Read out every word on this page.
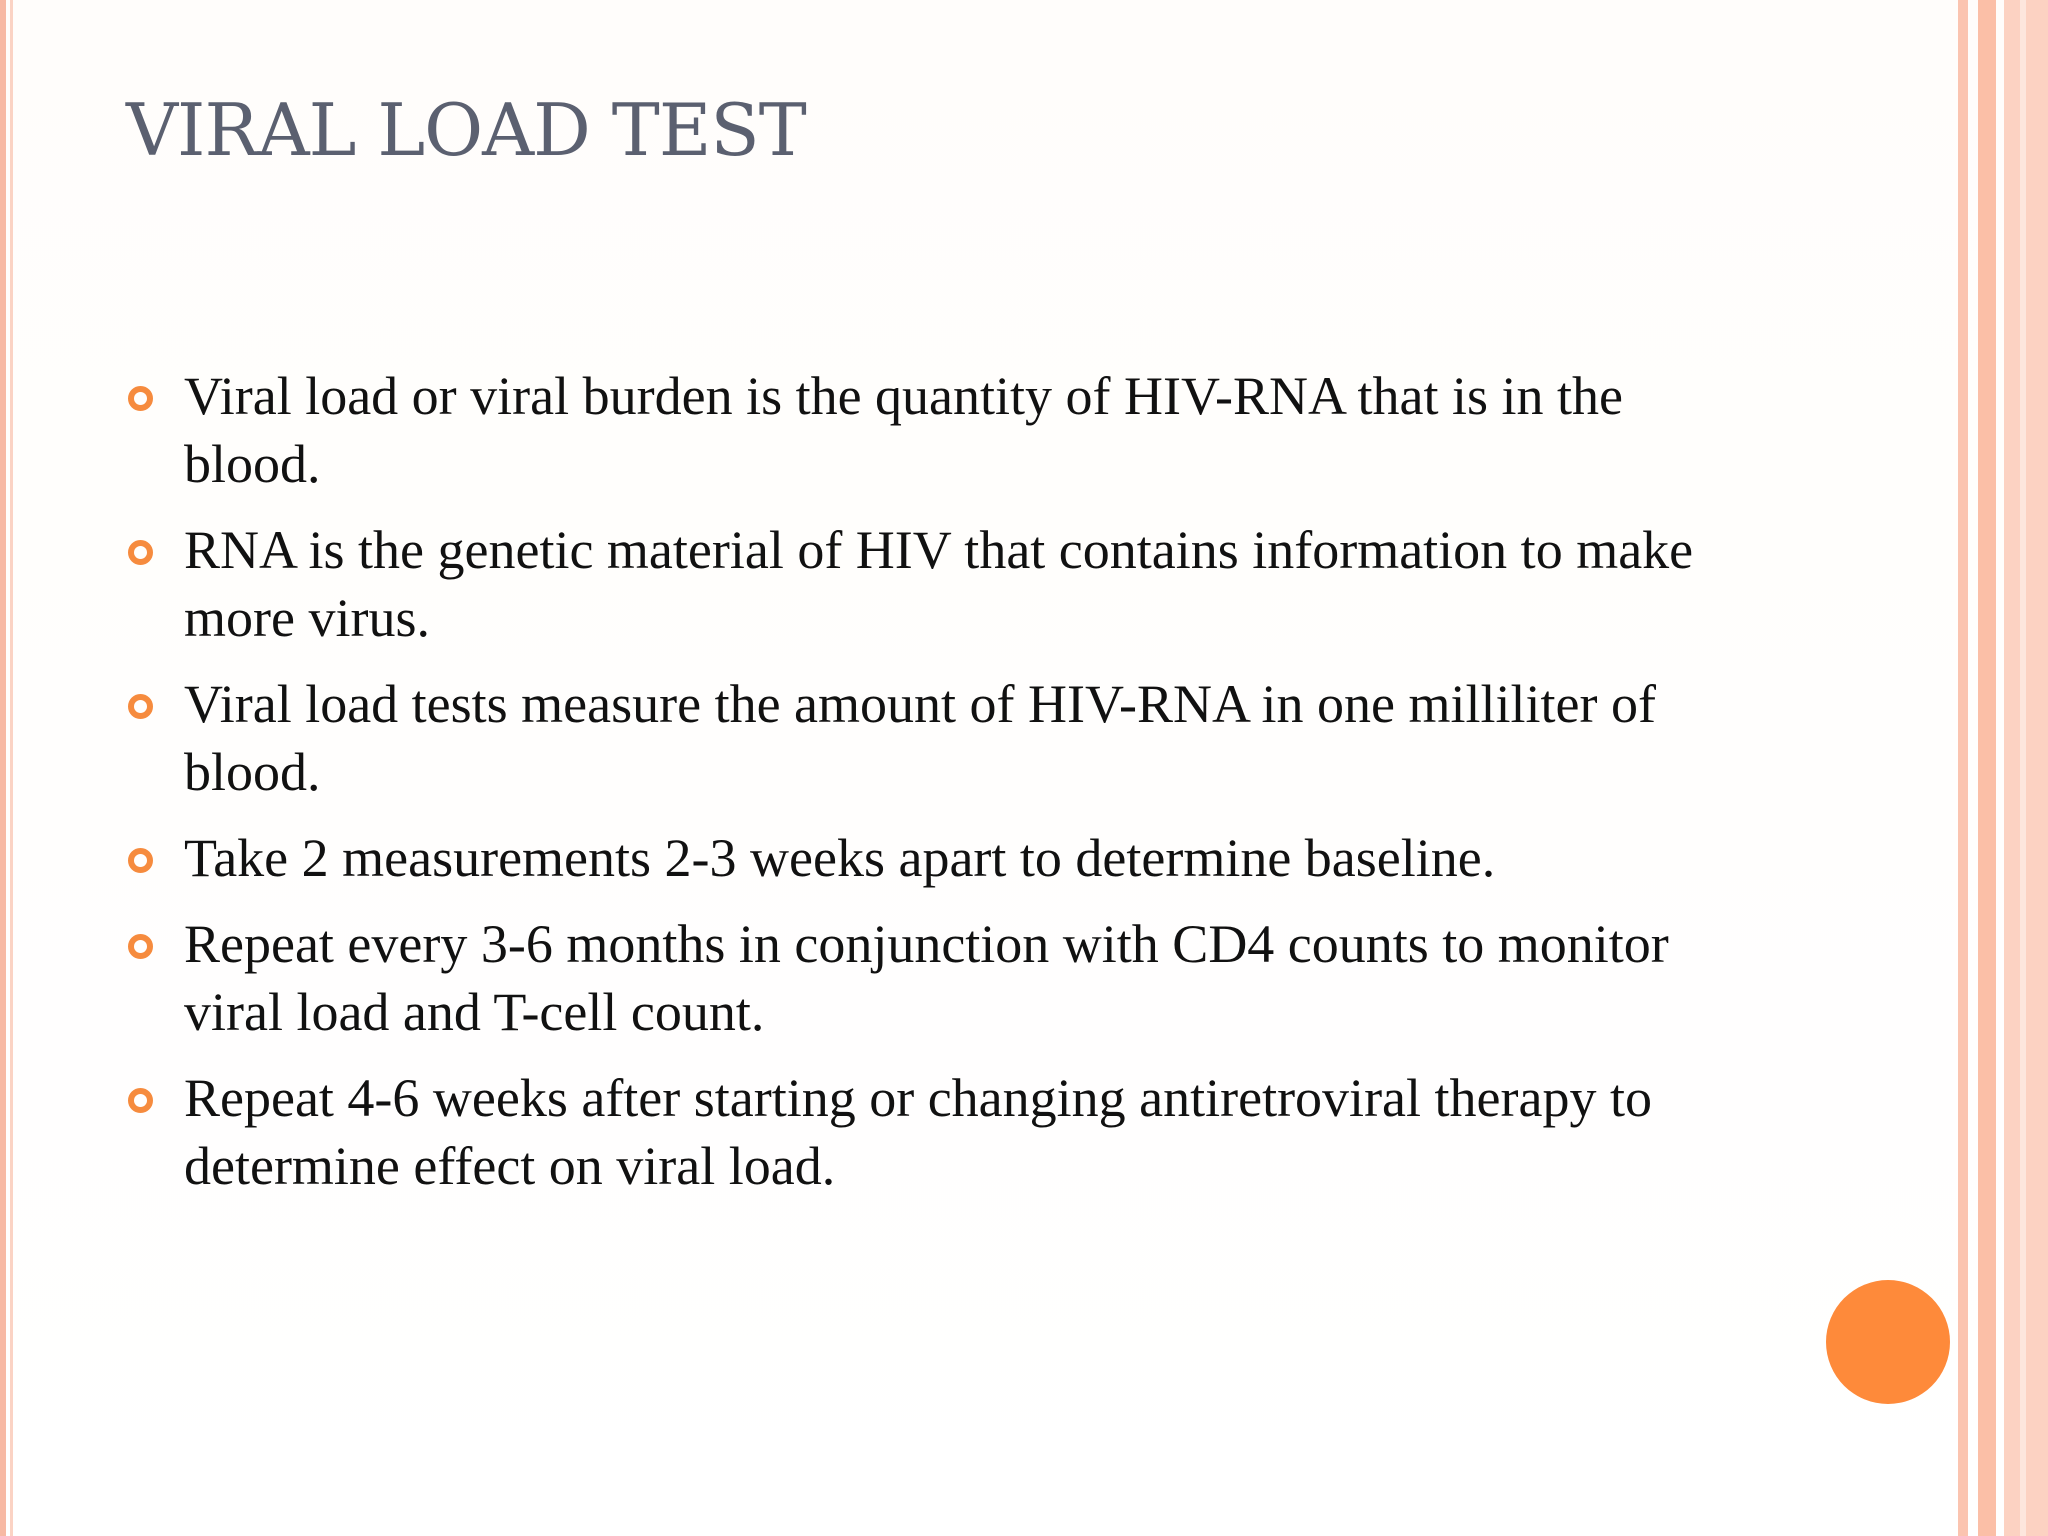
VIRAL LOAD TEST
Viral load or viral burden is the quantity of HIV-RNA that is in the blood.
RNA is the genetic material of HIV that contains information to make more virus.
Viral load tests measure the amount of HIV-RNA in one milliliter of blood.
Take 2 measurements 2-3 weeks apart to determine baseline.
Repeat every 3-6 months in conjunction with CD4 counts to monitor viral load and T-cell count.
Repeat 4-6 weeks after starting or changing antiretroviral therapy to determine effect on viral load.
